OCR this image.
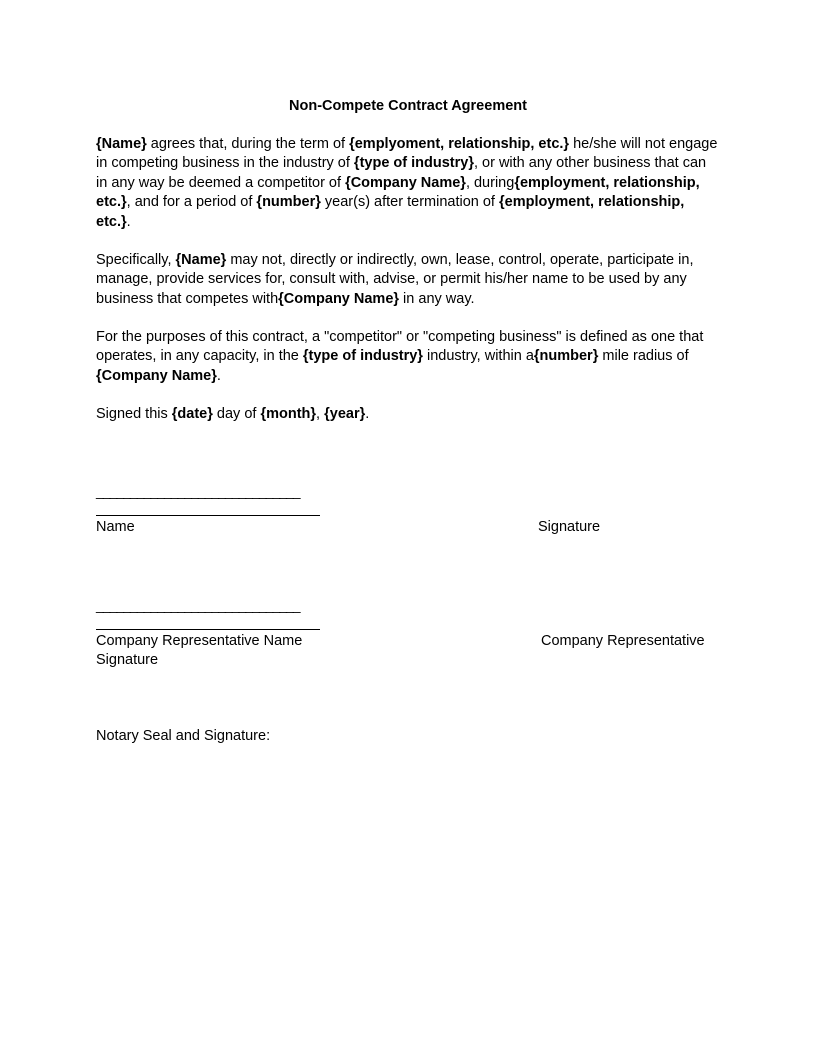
Non-Compete Contract Agreement

{Name} agrees that, during the term of {emplyoment, relationship, etc.} he/she will not engage in competing business in the industry of {type of industry}, or with any other business that can in any way be deemed a competitor of {Company Name}, during{employment, relationship, etc.}, and for a period of {number} year(s) after termination of {employment, relationship, etc.}.

Specifically, {Name} may not, directly or indirectly, own, lease, control, operate, participate in, manage, provide services for, consult with, advise, or permit his/her name to be used by any business that competes with{Company Name} in any way.

For the purposes of this contract, a "competitor" or "competing business" is defined as one that operates, in any capacity, in the {type of industry} industry, within a{number} mile radius of {Company Name}.

Signed this {date} day of {month}, {year}.

______________________________
Name	Signature
______________________________
Company Representative Name	Company Representative
Signature
Notary Seal and Signature:
